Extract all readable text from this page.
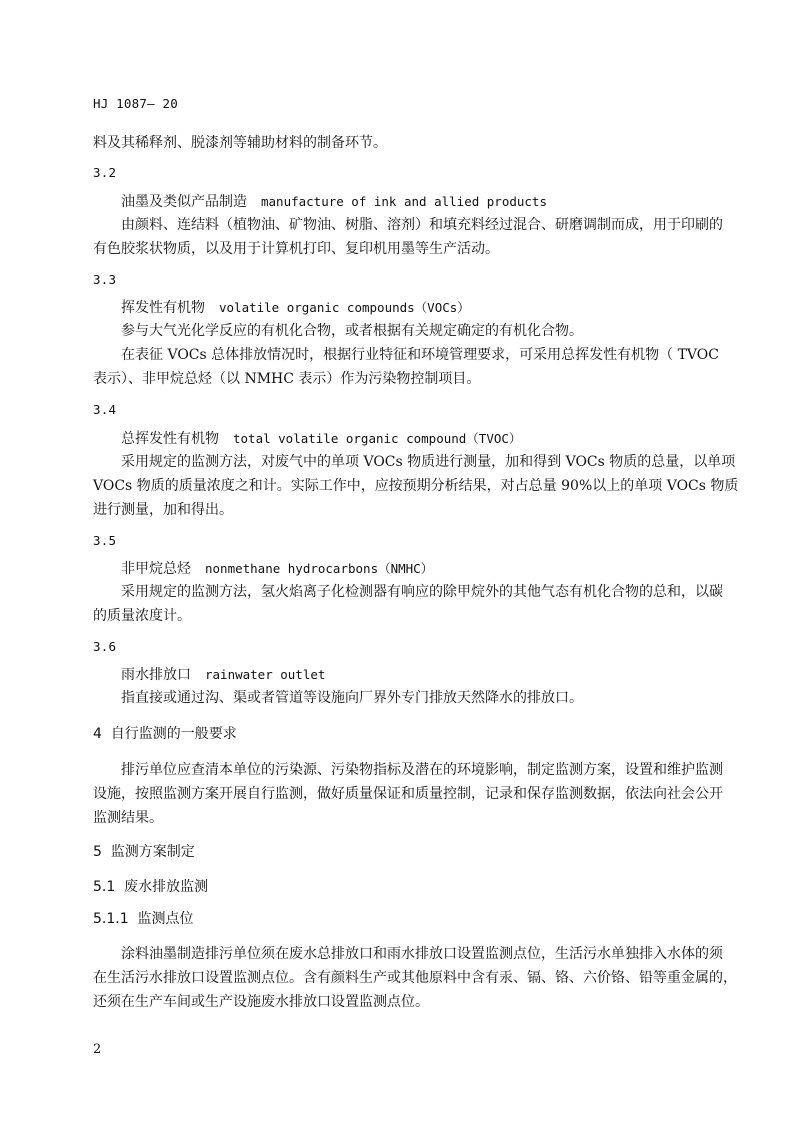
HJ 1087— 20
料及其稀释剂、脱漆剂等辅助材料的制备环节。
3.2
油墨及类似产品制造 manufacture of ink and allied products
由颜料、连结料（植物油、矿物油、树脂、溶剂）和填充料经过混合、研磨调制而成，用于印刷的
有色胶浆状物质，以及用于计算机打印、复印机用墨等生产活动。
3.3
挥发性有机物 volatile organic compounds（VOCs）
参与大气光化学反应的有机化合物，或者根据有关规定确定的有机化合物。
在表征 VOCs 总体排放情况时，根据行业特征和环境管理要求，可采用总挥发性有机物（ TVOC
表示）、非甲烷总烃（以 NMHC 表示）作为污染物控制项目。
3.4
总挥发性有机物 total volatile organic compound（TVOC）
采用规定的监测方法，对废气中的单项 VOCs 物质进行测量，加和得到 VOCs 物质的总量，以单项
VOCs 物质的质量浓度之和计。实际工作中，应按预期分析结果，对占总量 90%以上的单项 VOCs 物质
进行测量，加和得出。
3.5
非甲烷总烃 nonmethane hydrocarbons（NMHC）
采用规定的监测方法，氢火焰离子化检测器有响应的除甲烷外的其他气态有机化合物的总和，以碳
的质量浓度计。
3.6
雨水排放口 rainwater outlet
指直接或通过沟、渠或者管道等设施向厂界外专门排放天然降水的排放口。
4  自行监测的一般要求
排污单位应查清本单位的污染源、污染物指标及潜在的环境影响，制定监测方案，设置和维护监测
设施，按照监测方案开展自行监测，做好质量保证和质量控制，记录和保存监测数据，依法向社会公开
监测结果。
5  监测方案制定
5.1  废水排放监测
5.1.1  监测点位
涂料油墨制造排污单位须在废水总排放口和雨水排放口设置监测点位，生活污水单独排入水体的须
在生活污水排放口设置监测点位。含有颜料生产或其他原料中含有汞、镉、铬、六价铬、铅等重金属的，
还须在生产车间或生产设施废水排放口设置监测点位。
2
